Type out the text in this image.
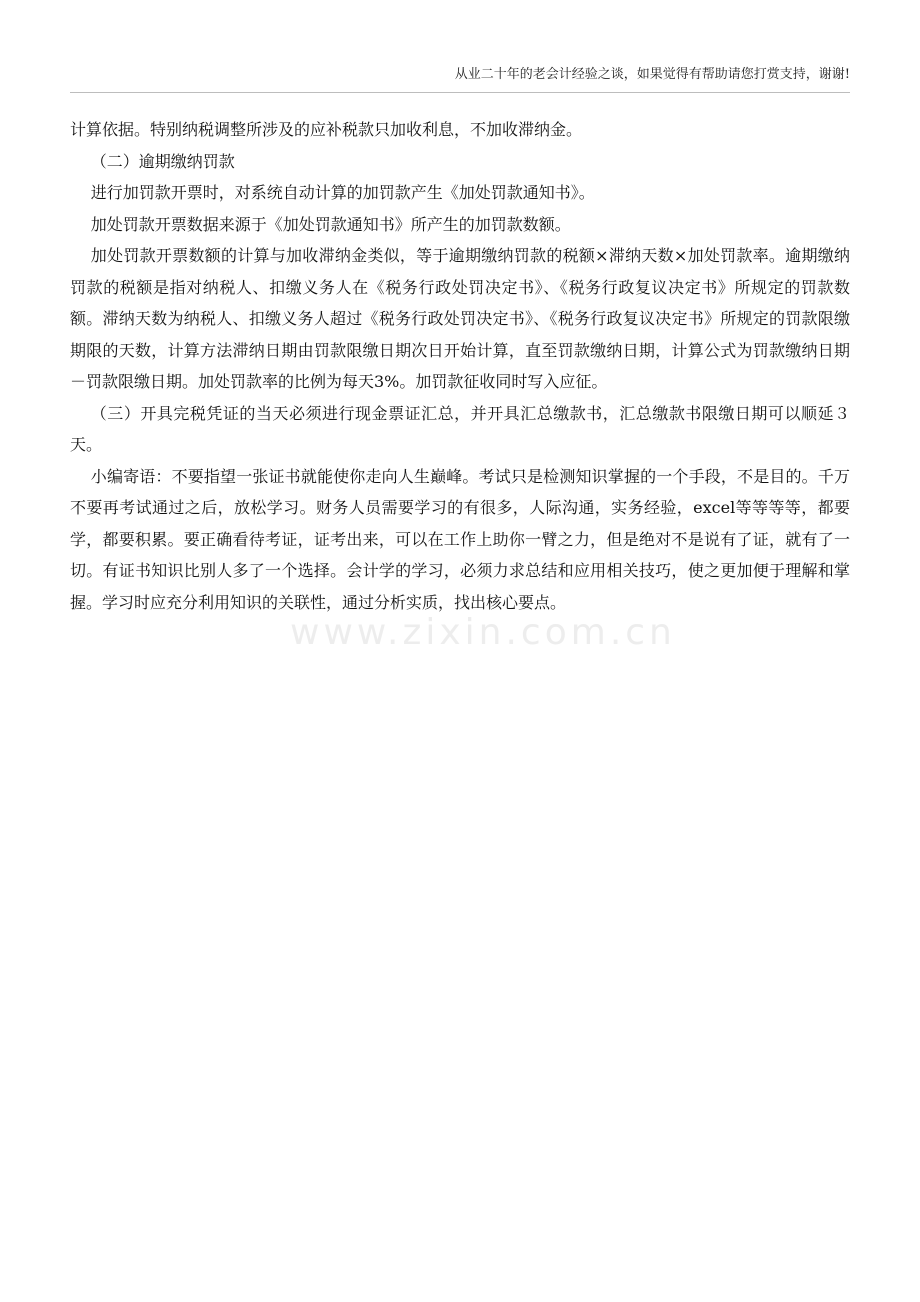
从业二十年的老会计经验之谈，如果觉得有帮助请您打赏支持，谢谢!
www.zixin.com.cn

计算依据。特别纳税调整所涉及的应补税款只加收利息，不加收滞纳金。

（二）逾期缴纳罚款

进行加罚款开票时，对系统自动计算的加罚款产生《加处罚款通知书》。

加处罚款开票数据来源于《加处罚款通知书》所产生的加罚款数额。

加处罚款开票数额的计算与加收滞纳金类似，等于逾期缴纳罚款的税额×滞纳天数×加处罚款率。逾期缴纳罚款的税额是指对纳税人、扣缴义务人在《税务行政处罚决定书》、《税务行政复议决定书》所规定的罚款数额。滞纳天数为纳税人、扣缴义务人超过《税务行政处罚决定书》、《税务行政复议决定书》所规定的罚款限缴期限的天数，计算方法滞纳日期由罚款限缴日期次日开始计算，直至罚款缴纳日期，计算公式为罚款缴纳日期－罚款限缴日期。加处罚款率的比例为每天3%。加罚款征收同时写入应征。

（三）开具完税凭证的当天必须进行现金票证汇总，并开具汇总缴款书，汇总缴款书限缴日期可以顺延３天。

小编寄语：不要指望一张证书就能使你走向人生巅峰。考试只是检测知识掌握的一个手段，不是目的。千万不要再考试通过之后，放松学习。财务人员需要学习的有很多，人际沟通，实务经验，excel等等等等，都要学，都要积累。要正确看待考证，证考出来，可以在工作上助你一臂之力，但是绝对不是说有了证，就有了一切。有证书知识比别人多了一个选择。会计学的学习，必须力求总结和应用相关技巧，使之更加便于理解和掌握。学习时应充分利用知识的关联性，通过分析实质，找出核心要点。
